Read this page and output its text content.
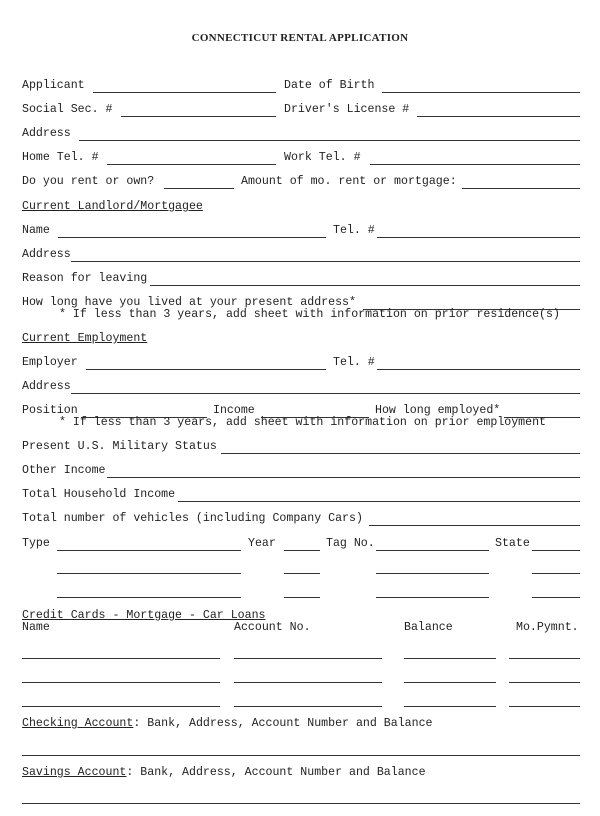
CONNECTICUT RENTAL APPLICATION
Applicant	Date of Birth
Social Sec. #	Driver's License #
Address
Home Tel. #	Work Tel. #
Do you rent or own?	Amount of mo. rent or mortgage:
Current Landlord/Mortgagee
Name	Tel. #
Address
Reason for leaving
How long have you lived at your present address*
* If less than 3 years, add sheet with information on prior residence(s)
Current Employment
Employer	Tel. #
Address
Position	Income	How long employed*
* If less than 3 years, add sheet with information on prior employment
Present U.S. Military Status
Other Income
Total Household Income
Total number of vehicles (including Company Cars)
Type	Year	Tag No.	State
Credit Cards - Mortgage - Car Loans
Name	Account No.	Balance	Mo.Pymnt.
Checking Account: Bank, Address, Account Number and Balance
Savings Account: Bank, Address, Account Number and Balance
